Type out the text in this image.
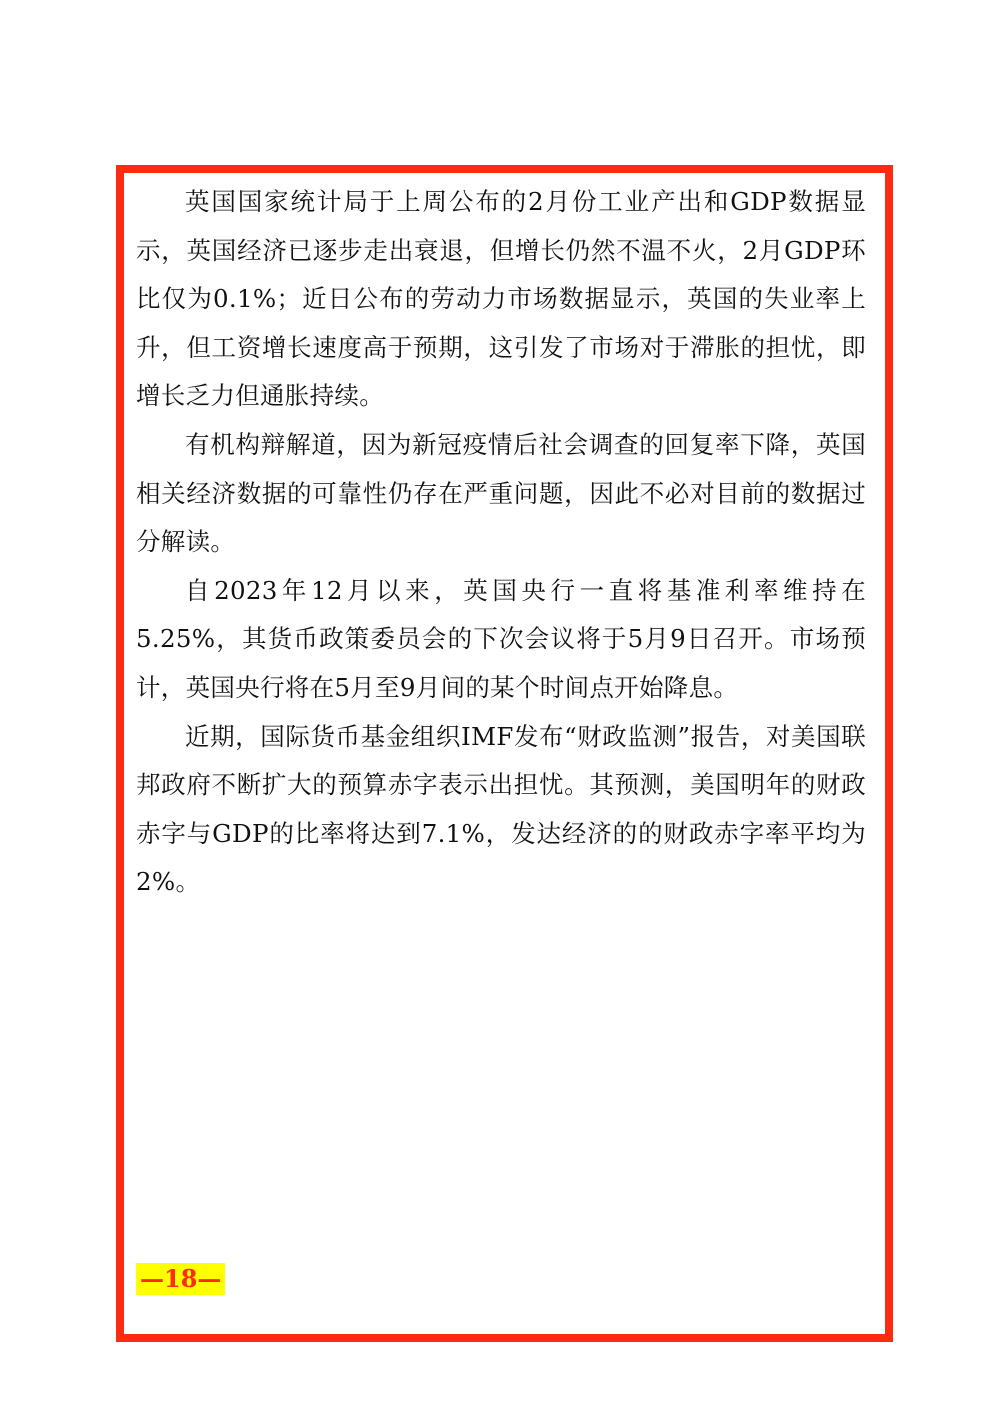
英国国家统计局于上周公布的2月份工业产出和GDP数据显示，英国经济已逐步走出衰退，但增长仍然不温不火，2月GDP环比仅为0.1%；近日公布的劳动力市场数据显示，英国的失业率上升，但工资增长速度高于预期，这引发了市场对于滞胀的担忧，即增长乏力但通胀持续。

有机构辩解道，因为新冠疫情后社会调查的回复率下降，英国相关经济数据的可靠性仍存在严重问题，因此不必对目前的数据过分解读。

自2023年12月以来，英国央行一直将基准利率维持在5.25%，其货币政策委员会的下次会议将于5月9日召开。市场预计，英国央行将在5月至9月间的某个时间点开始降息。

近期，国际货币基金组织IMF发布“财政监测”报告，对美国联邦政府不断扩大的预算赤字表示出担忧。其预测，美国明年的财政赤字与GDP的比率将达到7.1%，发达经济的的财政赤字率平均为2%。

—18—
